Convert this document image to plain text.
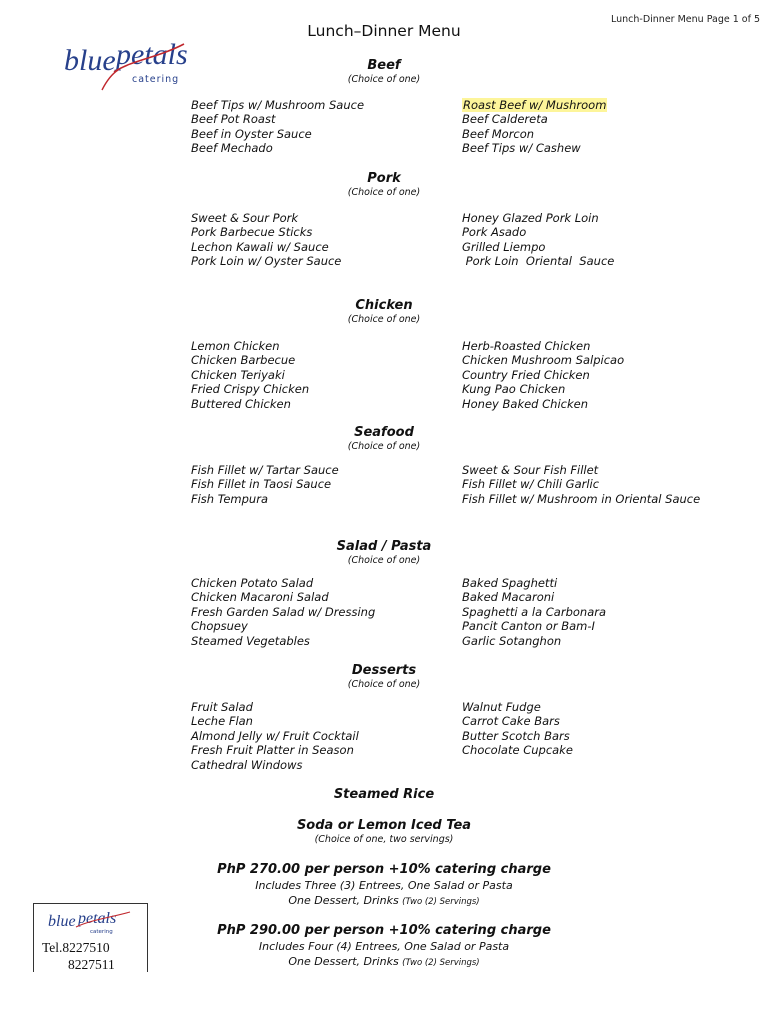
Lunch-Dinner Menu Page 1 of 5
blue petals
catering
Lunch–Dinner Menu
Beef
(Choice of one)
Beef Tips w/ Mushroom Sauce
Beef Pot Roast
Beef in Oyster Sauce
Beef Mechado
Roast Beef w/ Mushroom
Beef Caldereta
Beef Morcon
Beef Tips w/ Cashew
Pork
(Choice of one)
Sweet & Sour Pork
Pork Barbecue Sticks
Lechon Kawali w/ Sauce
Pork Loin w/ Oyster Sauce
Honey Glazed Pork Loin
Pork Asado
Grilled Liempo
Pork Loin  Oriental  Sauce
Chicken
(Choice of one)
Lemon Chicken
Chicken Barbecue
Chicken Teriyaki
Fried Crispy Chicken
Buttered Chicken
Herb-Roasted Chicken
Chicken Mushroom Salpicao
Country Fried Chicken
Kung Pao Chicken
Honey Baked Chicken
Seafood
(Choice of one)
Fish Fillet w/ Tartar Sauce
Fish Fillet in Taosi Sauce
Fish Tempura
Sweet & Sour Fish Fillet
Fish Fillet w/ Chili Garlic
Fish Fillet w/ Mushroom in Oriental Sauce
Salad / Pasta
(Choice of one)
Chicken Potato Salad
Chicken Macaroni Salad
Fresh Garden Salad w/ Dressing
Chopsuey
Steamed Vegetables
Baked Spaghetti
Baked Macaroni
Spaghetti a la Carbonara
Pancit Canton or Bam-I
Garlic Sotanghon
Desserts
(Choice of one)
Fruit Salad
Leche Flan
Almond Jelly w/ Fruit Cocktail
Fresh Fruit Platter in Season
Cathedral Windows
Walnut Fudge
Carrot Cake Bars
Butter Scotch Bars
Chocolate Cupcake
Steamed Rice
Soda or Lemon Iced Tea
(Choice of one, two servings)
PhP 270.00 per person +10% catering charge
Includes Three (3) Entrees, One Salad or Pasta
One Dessert, Drinks (Two (2) Servings)
PhP 290.00 per person +10% catering charge
Includes Four (4) Entrees, One Salad or Pasta
One Dessert, Drinks (Two (2) Servings)
blue petals
catering
Tel.8227510
8227511
